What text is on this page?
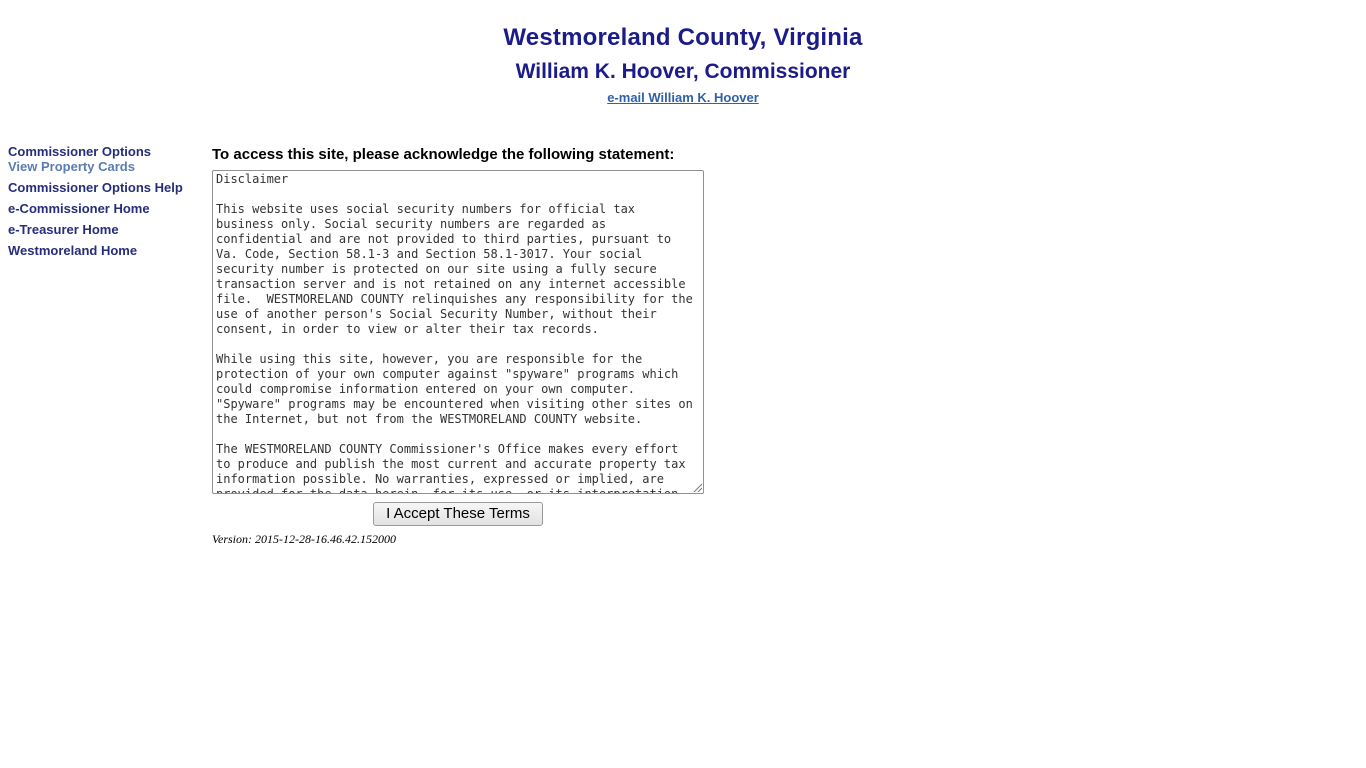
Westmoreland County, Virginia
William K. Hoover, Commissioner
e-mail William K. Hoover
Commissioner Options
View Property Cards
Commissioner Options Help
e-Commissioner Home
e-Treasurer Home
Westmoreland Home
To access this site, please acknowledge the following statement:
Disclaimer This website uses social security numbers for official tax business only. Social security numbers are regarded as confidential and are not provided to third parties, pursuant to Va. Code, Section 58.1-3 and Section 58.1-3017. Your social security number is protected on our site using a fully secure transaction server and is not retained on any internet accessible file. WESTMORELAND COUNTY relinquishes any responsibility for the use of another person's Social Security Number, without their consent, in order to view or alter their tax records. While using this site, however, you are responsible for the protection of your own computer against "spyware" programs which could compromise information entered on your own computer. "Spyware" programs may be encountered when visiting other sites on the Internet, but not from the WESTMORELAND COUNTY website. The WESTMORELAND COUNTY Commissioner's Office makes every effort to produce and publish the most current and accurate property tax information possible. No warranties, expressed or implied, are provided for the data herein, for its use, or its interpretation.
I Accept These Terms
Version: 2015-12-28-16.46.42.152000
